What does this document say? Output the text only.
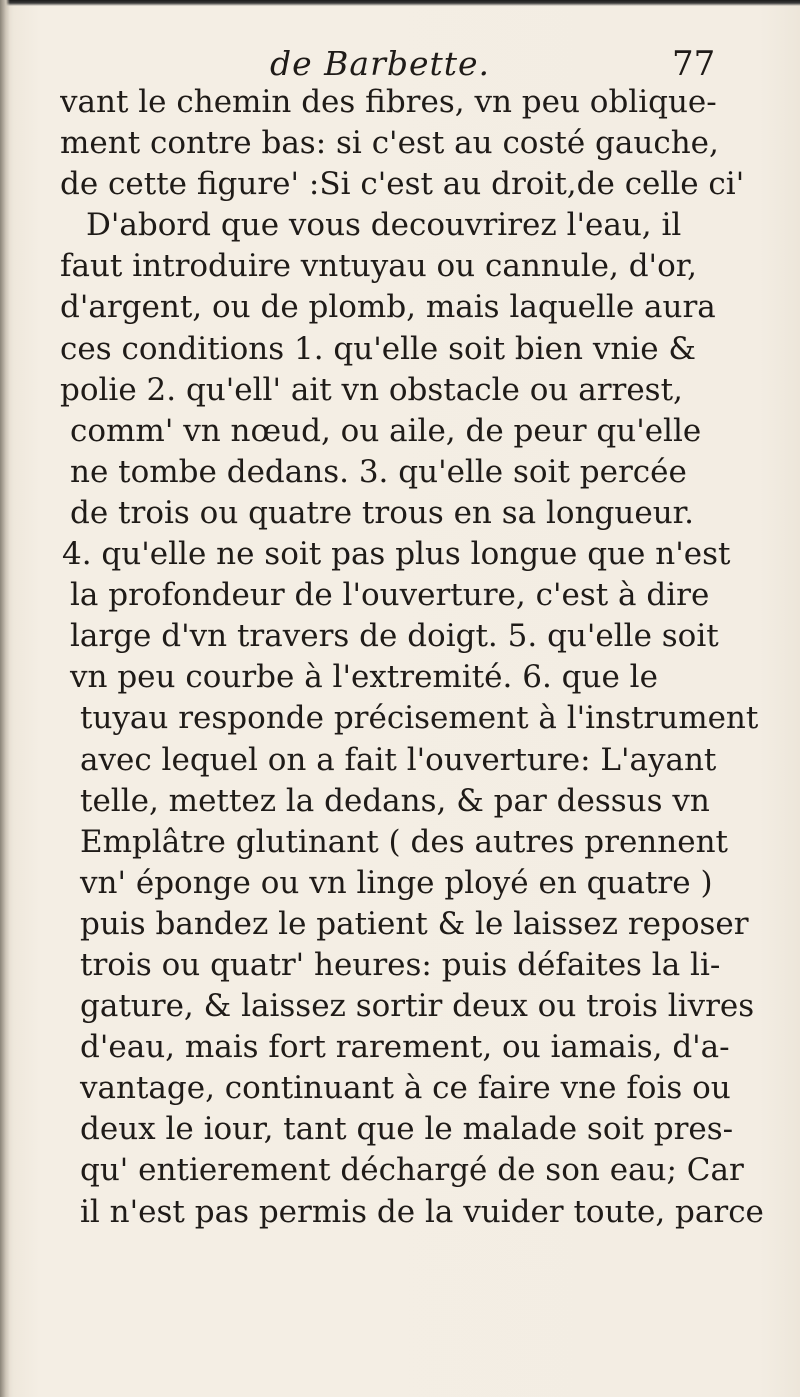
de Barbette.	77
vant le chemin des fibres, vn peu oblique-
ment contre bas: si c'est au costé gauche,
de cette figure' :Si c'est au droit,de celle ci'
D'abord que vous decouvrirez l'eau, il
faut introduire vntuyau ou cannule, d'or,
d'argent, ou de plomb, mais laquelle aura
ces conditions 1. qu'elle soit bien vnie &
polie 2. qu'ell' ait vn obstacle ou arrest,
comm' vn nœud, ou aile, de peur qu'elle
ne tombe dedans. 3. qu'elle soit percée
de trois ou quatre trous en sa longueur.
4. qu'elle ne soit pas plus longue que n'est
la profondeur de l'ouverture, c'est à dire
large d'vn travers de doigt. 5. qu'elle soit
vn peu courbe à l'extremité. 6. que le
tuyau responde précisement à l'instrument
avec lequel on a fait l'ouverture: L'ayant
telle, mettez la dedans, & par dessus vn
Emplâtre glutinant ( des autres prennent
vn' éponge ou vn linge ployé en quatre )
puis bandez le patient & le laissez reposer
trois ou quatr' heures: puis défaites la li-
gature, & laissez sortir deux ou trois livres
d'eau, mais fort rarement, ou iamais, d'a-
vantage, continuant à ce faire vne fois ou
deux le iour, tant que le malade soit pres-
qu' entierement déchargé de son eau; Car
il n'est pas permis de la vuider toute, parce
